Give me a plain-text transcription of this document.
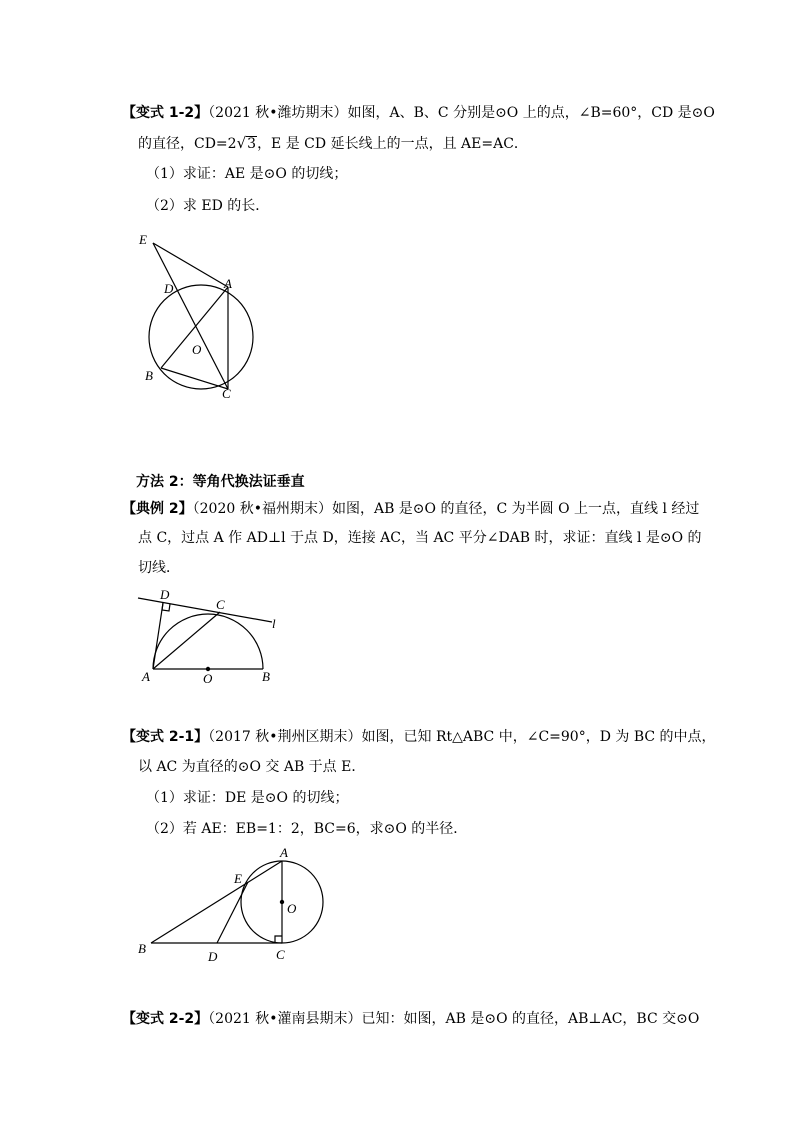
【变式 1-2】（2021 秋•潍坊期末）如图，A、B、C 分别是⊙O 上的点，∠B=60°，CD 是⊙O
的直径，CD=2√3，E 是 CD 延长线上的一点，且 AE=AC．
（1）求证：AE 是⊙O 的切线；
（2）求 ED 的长．
方法 2：等角代换法证垂直
【典例 2】（2020 秋•福州期末）如图，AB 是⊙O 的直径，C 为半圆 O 上一点，直线 l 经过
点 C，过点 A 作 AD⊥l 于点 D，连接 AC，当 AC 平分∠DAB 时，求证：直线 l 是⊙O 的
切线．
【变式 2-1】（2017 秋•荆州区期末）如图，已知 Rt△ABC 中，∠C=90°，D 为 BC 的中点，
以 AC 为直径的⊙O 交 AB 于点 E．
（1）求证：DE 是⊙O 的切线；
（2）若 AE：EB=1：2，BC=6，求⊙O 的半径．
【变式 2-2】（2021 秋•灌南县期末）已知：如图，AB 是⊙O 的直径，AB⊥AC，BC 交⊙O
E
D	A
O
B
C
D
C
l
A	O	B
A
E
O
B
D	C
